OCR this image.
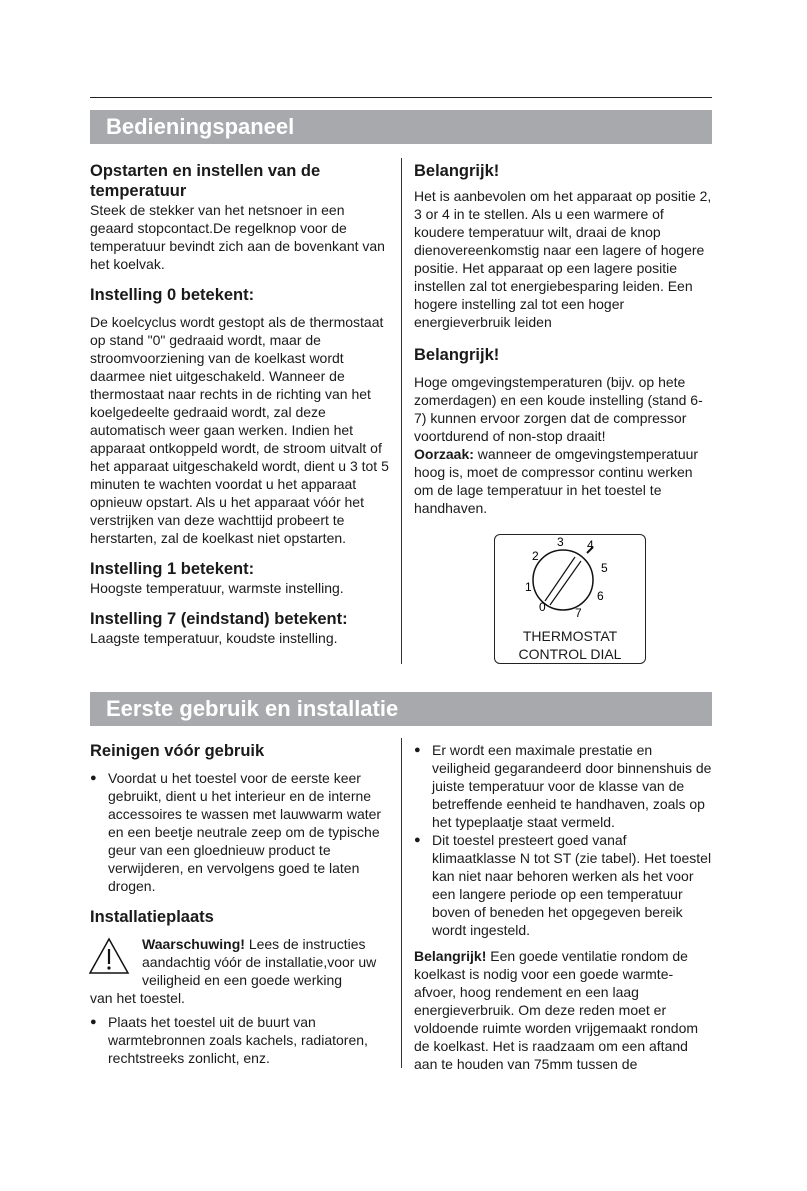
Bedieningspaneel

Opstarten en instellen van de temperatuur

Steek de stekker van het netsnoer in een geaard stopcontact.De regelknop voor de temperatuur bevindt zich aan de bovenkant van het koelvak.

Instelling 0 betekent:

De koelcyclus wordt gestopt als de thermostaat op stand "0" gedraaid wordt, maar de stroomvoorziening van de koelkast wordt daarmee niet uitgeschakeld. Wanneer de thermostaat naar rechts in de richting van het koelgedeelte gedraaid wordt, zal deze automatisch weer gaan werken. Indien het apparaat ontkoppeld wordt, de stroom uitvalt of het apparaat uitgeschakeld wordt, dient u 3 tot 5 minuten te wachten voordat u het apparaat opnieuw opstart. Als u het apparaat vóór het verstrijken van deze wachttijd probeert te herstarten, zal de koelkast niet opstarten.

Instelling 1 betekent:

Hoogste temperatuur, warmste instelling.

Instelling 7 (eindstand) betekent:

Laagste temperatuur, koudste instelling.

Belangrijk!

Het is aanbevolen om het apparaat op positie 2, 3 or 4 in te stellen. Als u een warmere of koudere temperatuur wilt, draai de knop dienovereenkomstig naar een lagere of hogere positie. Het apparaat op een lagere positie instellen zal tot energiebesparing leiden. Een hogere instelling zal tot een hoger energieverbruik leiden

Belangrijk!

Hoge omgevingstemperaturen (bijv. op hete zomerdagen) en een koude instelling (stand 6-7) kunnen ervoor zorgen dat de compressor voortdurend of non-stop draait!

Oorzaak: wanneer de omgevingstemperatuur hoog is, moet de compressor continu werken om de lage temperatuur in het toestel te handhaven.

0
1
2
3 4
5
6
7
THERMOSTAT
CONTROL DIAL
Eerste gebruik en installatie

Reinigen vóór gebruik

● Voordat u het toestel voor de eerste keer gebruikt, dient u het interieur en de interne accessoires te wassen met lauwwarm water en een beetje neutrale zeep om de typische geur van een gloednieuw product te verwijderen, en vervolgens goed te laten drogen.

Installatieplaats

Waarschuwing! Lees de instructies aandachtig vóór de installatie,voor uw veiligheid en een goede werking

van het toestel.

● Plaats het toestel uit de buurt van warmtebronnen zoals kachels, radiatoren, rechtstreeks zonlicht, enz.

● Er wordt een maximale prestatie en veiligheid gegarandeerd door binnenshuis de juiste temperatuur voor de klasse van de betreffende eenheid te handhaven, zoals op het typeplaatje staat vermeld.

● Dit toestel presteert goed vanaf klimaatklasse N tot ST (zie tabel). Het toestel kan niet naar behoren werken als het voor een langere periode op een temperatuur boven of beneden het opgegeven bereik wordt ingesteld.

Belangrijk! Een goede ventilatie rondom de koelkast is nodig voor een goede warmte-afvoer, hoog rendement en een laag energieverbruik. Om deze reden moet er voldoende ruimte worden vrijgemaakt rondom de koelkast. Het is raadzaam om een aftand aan te houden van 75mm tussen de
